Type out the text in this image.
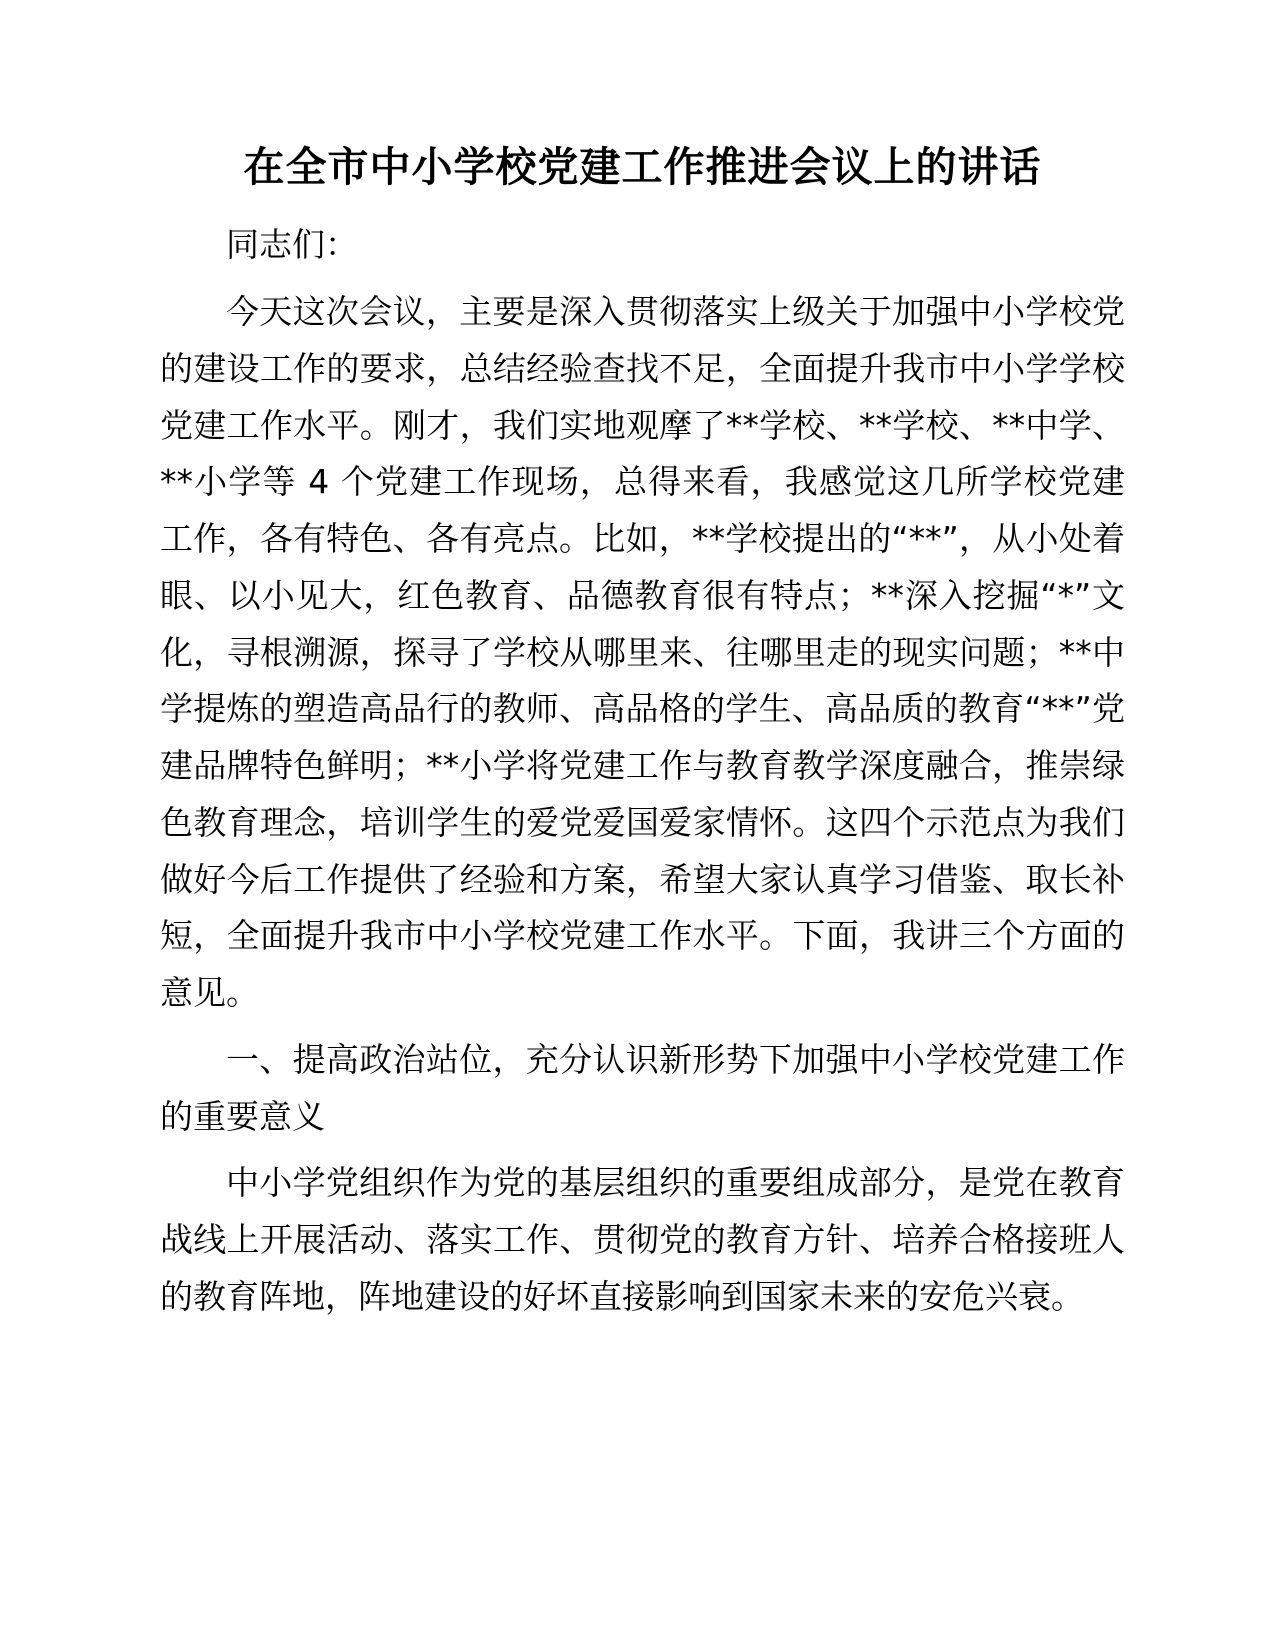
在全市中小学校党建工作推进会议上的讲话

同志们：

今天这次会议，主要是深入贯彻落实上级关于加强中小学校党的建设工作的要求，总结经验查找不足，全面提升我市中小学学校党建工作水平。刚才，我们实地观摩了**学校、**学校、**中学、**小学等 4 个党建工作现场，总得来看，我感觉这几所学校党建工作，各有特色、各有亮点。比如，**学校提出的“**”，从小处着眼、以小见大，红色教育、品德教育很有特点；**深入挖掘“*”文化，寻根溯源，探寻了学校从哪里来、往哪里走的现实问题；**中学提炼的塑造高品行的教师、高品格的学生、高品质的教育“**”党建品牌特色鲜明；**小学将党建工作与教育教学深度融合，推崇绿色教育理念，培训学生的爱党爱国爱家情怀。这四个示范点为我们做好今后工作提供了经验和方案，希望大家认真学习借鉴、取长补短，全面提升我市中小学校党建工作水平。下面，我讲三个方面的意见。

一、提高政治站位，充分认识新形势下加强中小学校党建工作的重要意义

中小学党组织作为党的基层组织的重要组成部分，是党在教育战线上开展活动、落实工作、贯彻党的教育方针、培养合格接班人的教育阵地，阵地建设的好坏直接影响到国家未来的安危兴衰。
